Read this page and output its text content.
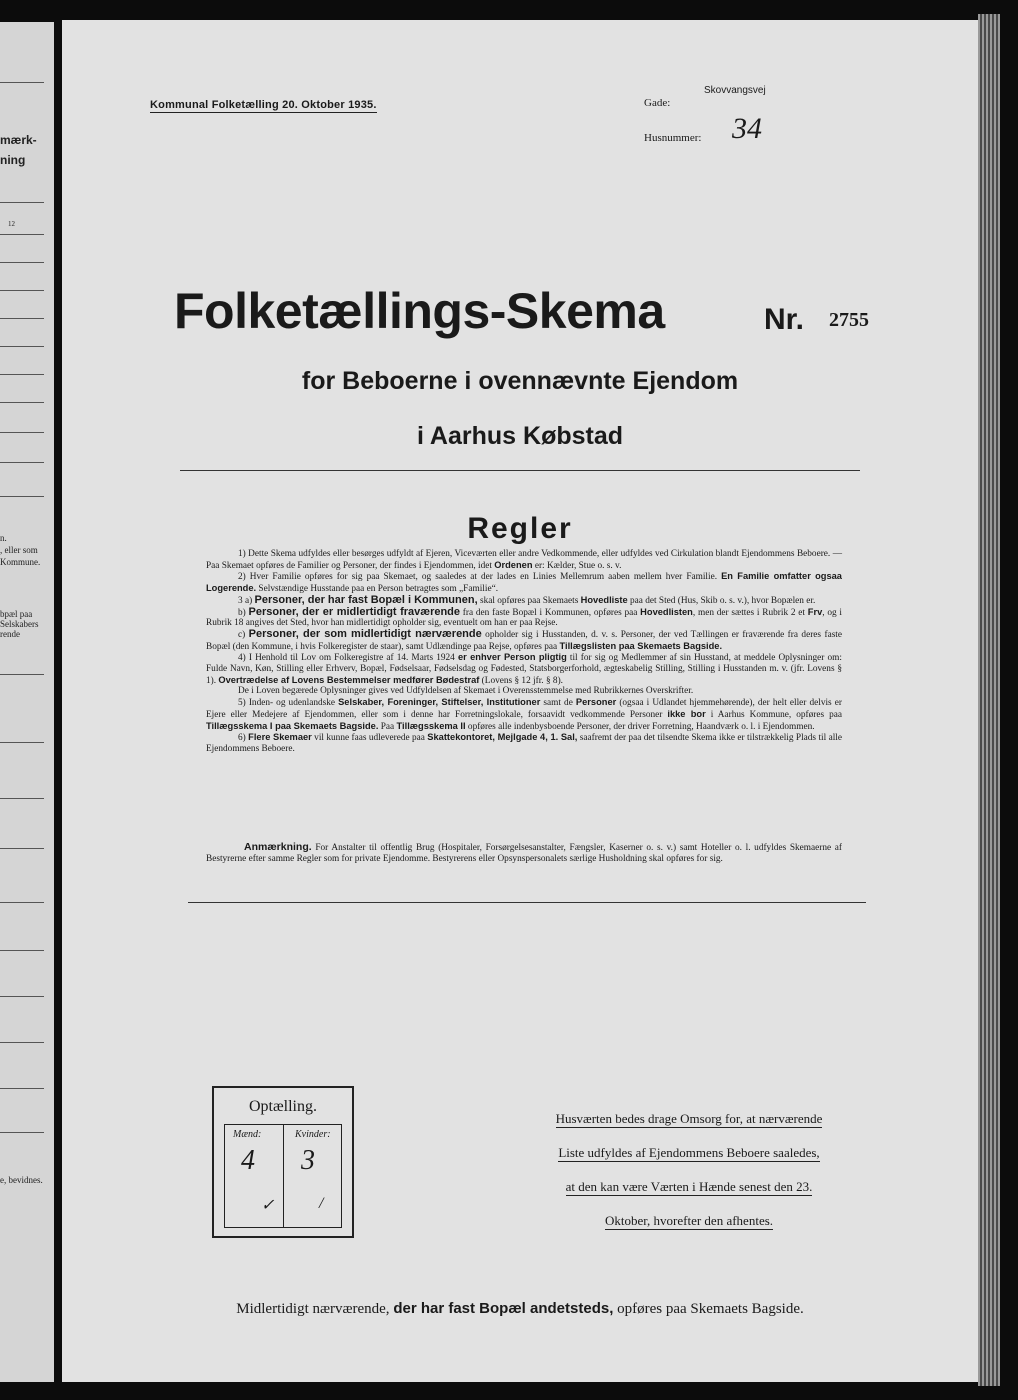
mærk-
ning
12
n.
, eller som
Kommune.
bpæl paa
Selskabers
rende
e, bevidnes.
Kommunal Folketælling 20. Oktober 1935.	Gade:
Skovvangsvej
Husnummer: 34
Folketællings-Skema	Nr. 2755
for Beboerne i ovennævnte Ejendom
i Aarhus Købstad
Regler

1) Dette Skema udfyldes eller besørges udfyldt af Ejeren, Viceværten eller andre Vedkommende, eller udfyldes ved Cirkulation blandt Ejendommens Beboere. — Paa Skemaet opføres de Familier og Personer, der findes i Ejendommen, idet Ordenen er: Kælder, Stue o. s. v.

2) Hver Familie opføres for sig paa Skemaet, og saaledes at der lades en Linies Mellemrum aaben mellem hver Familie. En Familie omfatter ogsaa Logerende. Selvstændige Husstande paa en Person betragtes som „Familie“.

3 a) Personer, der har fast Bopæl i Kommunen, skal opføres paa Skemaets Hovedliste paa det Sted (Hus, Skib o. s. v.), hvor Bopælen er.

b) Personer, der er midlertidigt fraværende fra den faste Bopæl i Kommunen, opføres paa Hovedlisten, men der sættes i Rubrik 2 et Frv, og i Rubrik 18 angives det Sted, hvor han midlertidigt opholder sig, eventuelt om han er paa Rejse.

c) Personer, der som midlertidigt nærværende opholder sig i Husstanden, d. v. s. Personer, der ved Tællingen er fraværende fra deres faste Bopæl (den Kommune, i hvis Folkeregister de staar), samt Udlændinge paa Rejse, opføres paa Tillægslisten paa Skemaets Bagside.

4) I Henhold til Lov om Folkeregistre af 14. Marts 1924 er enhver Person pligtig til for sig og Medlemmer af sin Husstand, at meddele Oplysninger om: Fulde Navn, Køn, Stilling eller Erhverv, Bopæl, Fødselsaar, Fødselsdag og Fødested, Statsborgerforhold, ægteskabelig Stilling, Stilling i Husstanden m. v. (jfr. Lovens § 1). Overtrædelse af Lovens Bestemmelser medfører Bødestraf (Lovens § 12 jfr. § 8).

De i Loven begærede Oplysninger gives ved Udfyldelsen af Skemaet i Overensstemmelse med Rubrikkernes Overskrifter.

5) Inden- og udenlandske Selskaber, Foreninger, Stiftelser, Institutioner samt de Personer (ogsaa i Udlandet hjemmehørende), der helt eller delvis er Ejere eller Medejere af Ejendommen, eller som i denne har Forretningslokale, forsaavidt vedkommende Personer ikke bor i Aarhus Kommune, opføres paa Tillægsskema I paa Skemaets Bagside. Paa Tillægsskema II opføres alle indenbysboende Personer, der driver Forretning, Haandværk o. l. i Ejendommen.

6) Flere Skemaer vil kunne faas udleverede paa Skattekontoret, Mejlgade 4, 1. Sal, saafremt der paa det tilsendte Skema ikke er tilstrækkelig Plads til alle Ejendommens Beboere.

Anmærkning. For Anstalter til offentlig Brug (Hospitaler, Forsørgelsesanstalter, Fængsler, Kaserner o. s. v.) samt Hoteller o. l. udfyldes Skemaerne af Bestyrerne efter samme Regler som for private Ejendomme. Bestyrerens eller Opsynspersonalets særlige Husholdning skal opføres for sig.
Optælling.
Mænd:	Kvinder:
4 3
✓	/
Husværten bedes drage Omsorg for, at nærværende
Liste udfyldes af Ejendommens Beboere saaledes,
at den kan være Værten i Hænde senest den 23.
Oktober, hvorefter den afhentes.
Midlertidigt nærværende, der har fast Bopæl andetsteds, opføres paa Skemaets Bagside.
